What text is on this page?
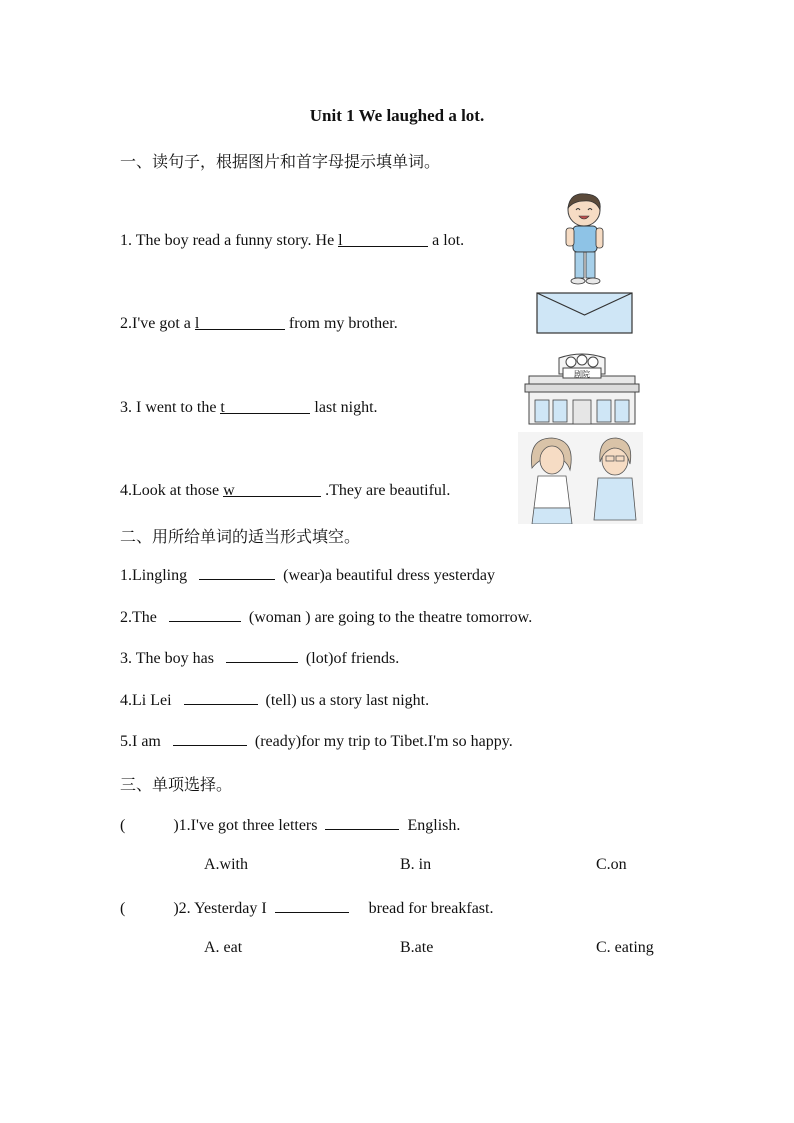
Unit 1 We laughed a lot.
一、读句子，根据图片和首字母提示填单词。
1. The boy read a funny story. He l	a lot.
2.I've got a l	from my brother.
3. I went to the t	last night.
4.Look at those w	.They are beautiful.
剧院
二、用所给单词的适当形式填空。
1.Lingling	(wear)a beautiful dress yesterday
2.The	(woman ) are going to the theatre tomorrow.
3. The boy has	(lot)of friends.
4.Li Lei	(tell) us a story last night.
5.I am	(ready)for my trip to Tibet.I'm so happy.
三、单项选择。
(	)1.I've got three letters	English.
A.with	B. in	C.on
(	)2. Yesterday I	bread for breakfast.
A. eat	B.ate	C. eating
